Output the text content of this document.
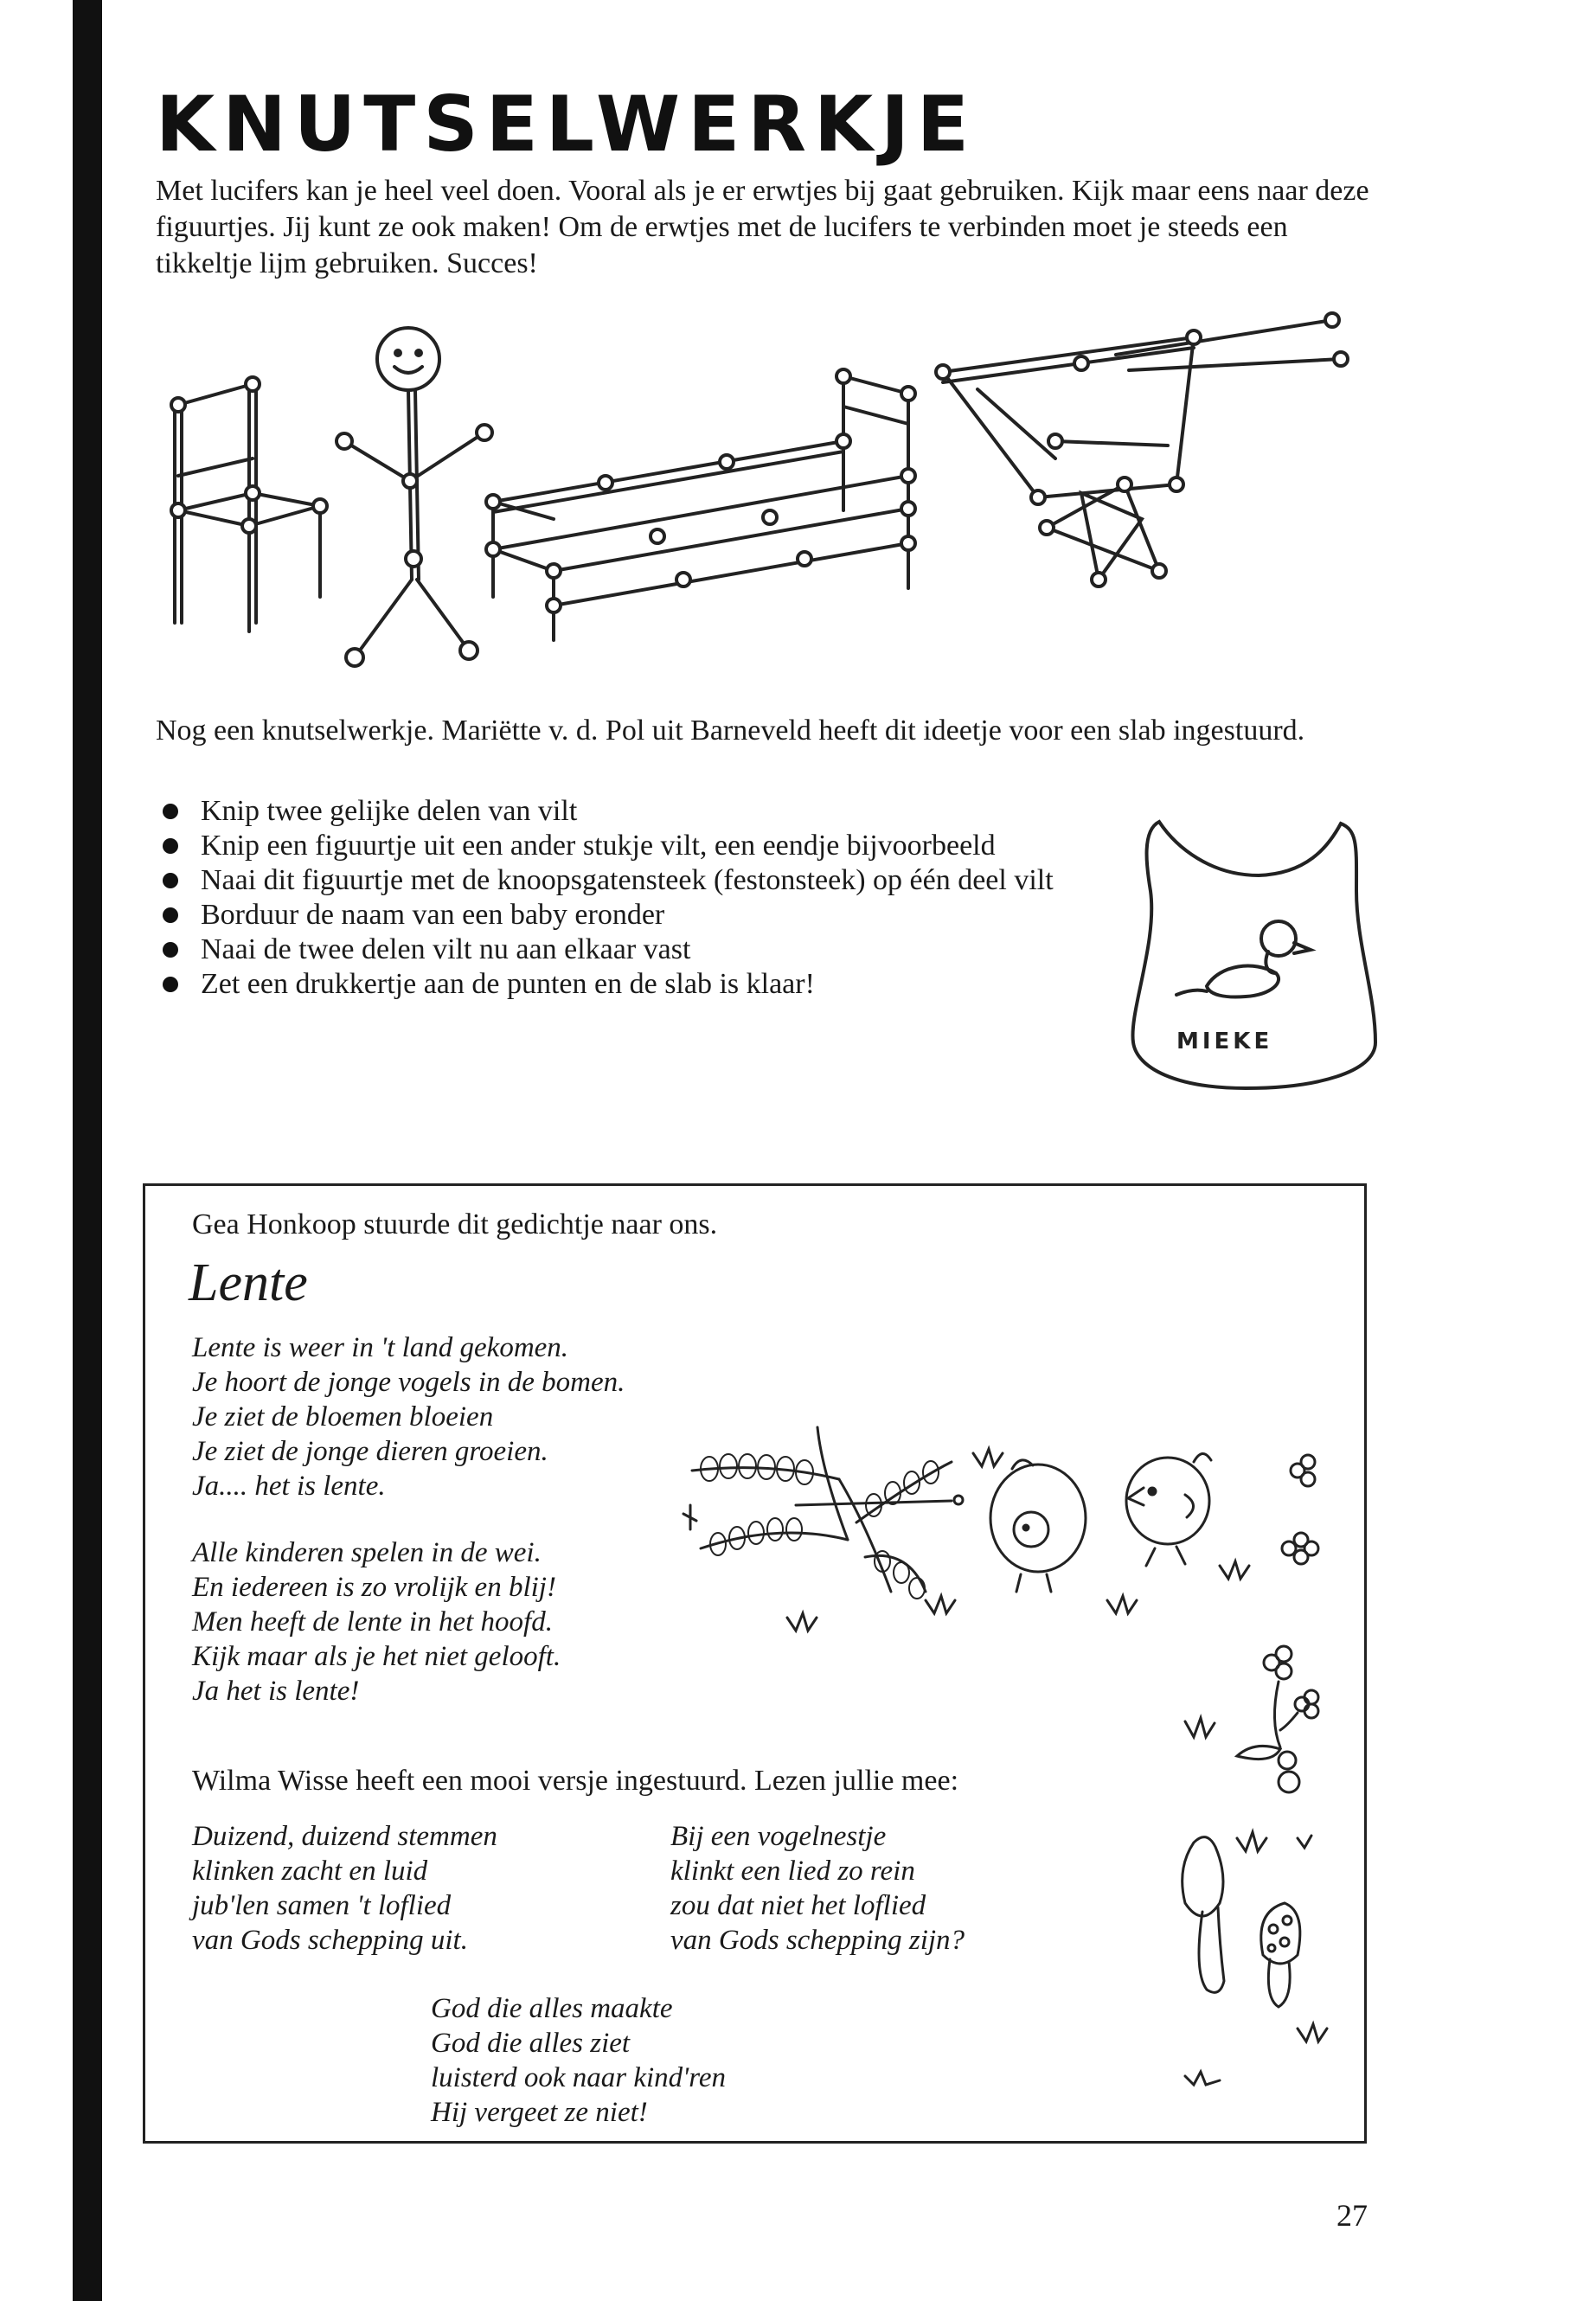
KNUTSELWERKJE

Met lucifers kan je heel veel doen. Vooral als je er erwtjes bij gaat gebruiken. Kijk maar eens naar deze figuurtjes. Jij kunt ze ook maken! Om de erwtjes met de lucifers te verbinden moet je steeds een tikkeltje lijm gebruiken. Succes!

Nog een knutselwerkje. Mariëtte v. d. Pol uit Barneveld heeft dit ideetje voor een slab ingestuurd.

Knip twee gelijke delen van vilt
Knip een figuurtje uit een ander stukje vilt, een eendje bijvoorbeeld
Naai dit figuurtje met de knoopsgatensteek (festonsteek) op één deel vilt
Borduur de naam van een baby eronder
Naai de twee delen vilt nu aan elkaar vast
Zet een drukkertje aan de punten en de slab is klaar!
MIEKE

Gea Honkoop stuurde dit gedichtje naar ons.

Lente
Lente is weer in 't land gekomen.
Je hoort de jonge vogels in de bomen.
Je ziet de bloemen bloeien
Je ziet de jonge dieren groeien.
Ja.... het is lente.
Alle kinderen spelen in de wei.
En iedereen is zo vrolijk en blij!
Men heeft de lente in het hoofd.
Kijk maar als je het niet gelooft.
Ja het is lente!

Wilma Wisse heeft een mooi versje ingestuurd. Lezen jullie mee:

Duizend, duizend stemmen
klinken zacht en luid
jub'len samen 't loflied
van Gods schepping uit.
Bij een vogelnestje
klinkt een lied zo rein
zou dat niet het loflied
van Gods schepping zijn?
God die alles maakte
God die alles ziet
luisterd ook naar kind'ren
Hij vergeet ze niet!

27
